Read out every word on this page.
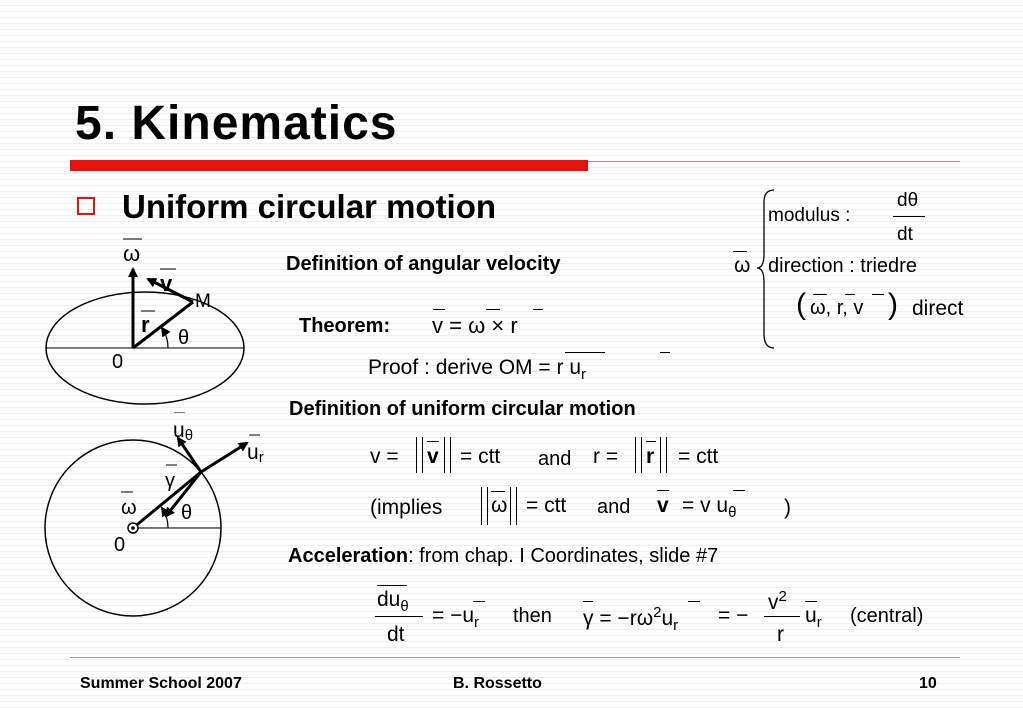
5. Kinematics
Uniform circular motion
ω
v
M
r
θ
0
uθ
ur
γ
ω θ
0
Definition of angular velocity
Theorem: v = ω × r
Proof : derive OM = r $u_r$
ω
modulus :
dθ
dt
direction : triedre
( ω, r, v ) direct
Definition of uniform circular motion
v = v = ctt and r = r = ctt
(implies ω = ctt and v = v $u_\theta$ )
Acceleration: from chap. I Coordinates, slide #7
$du_\theta$
dt
= $-u_r$ then $\gamma = -r\omega^2u_r$ = −
$v^2$
r
$u_r$ (central)
Summer School 2007	B. Rossetto	10
